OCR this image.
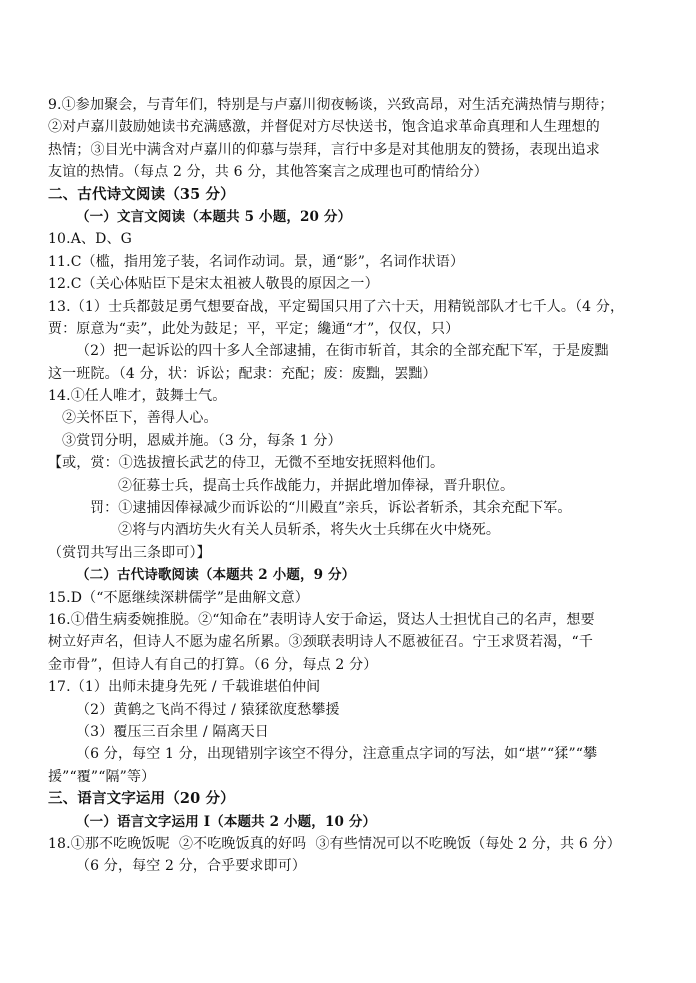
9.①参加聚会，与青年们，特别是与卢嘉川彻夜畅谈，兴致高昂，对生活充满热情与期待；
②对卢嘉川鼓励她读书充满感激，并督促对方尽快送书，饱含追求革命真理和人生理想的
热情；③目光中满含对卢嘉川的仰慕与崇拜，言行中多是对其他朋友的赞扬，表现出追求
友谊的热情。（每点 2 分，共 6 分，其他答案言之成理也可酌情给分）
二、古代诗文阅读（35 分）
（一）文言文阅读（本题共 5 小题，20 分）
10.A、D、G
11.C（槛，指用笼子装，名词作动词。景，通“影”，名词作状语）
12.C（关心体贴臣下是宋太祖被人敬畏的原因之一）
13.（1）士兵都鼓足勇气想要奋战，平定蜀国只用了六十天，用精锐部队才七千人。（4 分，
贾：原意为“卖”，此处为鼓足；平，平定；纔通“才”，仅仅，只）
（2）把一起诉讼的四十多人全部逮捕，在街市斩首，其余的全部充配下军，于是废黜
这一班院。（4 分，状：诉讼；配隶：充配；废：废黜，罢黜）
14.①任人唯才，鼓舞士气。
②关怀臣下，善得人心。
③赏罚分明，恩威并施。（3 分，每条 1 分）
【或，赏：①选拔擅长武艺的侍卫，无微不至地安抚照料他们。
②征募士兵，提高士兵作战能力，并据此增加俸禄，晋升职位。
罚：①逮捕因俸禄减少而诉讼的“川殿直”亲兵，诉讼者斩杀，其余充配下军。
②将与内酒坊失火有关人员斩杀，将失火士兵绑在火中烧死。
（赏罚共写出三条即可）】
（二）古代诗歌阅读（本题共 2 小题，9 分）
15.D（“不愿继续深耕儒学”是曲解文意）
16.①借生病委婉推脱。②“知命在”表明诗人安于命运，贤达人士担忧自己的名声，想要
树立好声名，但诗人不愿为虚名所累。③颈联表明诗人不愿被征召。宁王求贤若渴，“千
金市骨”，但诗人有自己的打算。（6 分，每点 2 分）
17.（1）出师未捷身先死 / 千载谁堪伯仲间
（2）黄鹤之飞尚不得过 / 猿猱欲度愁攀援
（3）覆压三百余里 / 隔离天日
（6 分，每空 1 分，出现错别字该空不得分，注意重点字词的写法，如“堪”“猱”“攀
援”“覆”“隔”等）
三、语言文字运用（20 分）
（一）语言文字运用 Ⅰ（本题共 2 小题，10 分）
18.①那不吃晚饭呢  ②不吃晚饭真的好吗  ③有些情况可以不吃晚饭（每处 2 分，共 6 分）
（6 分，每空 2 分，合乎要求即可）
